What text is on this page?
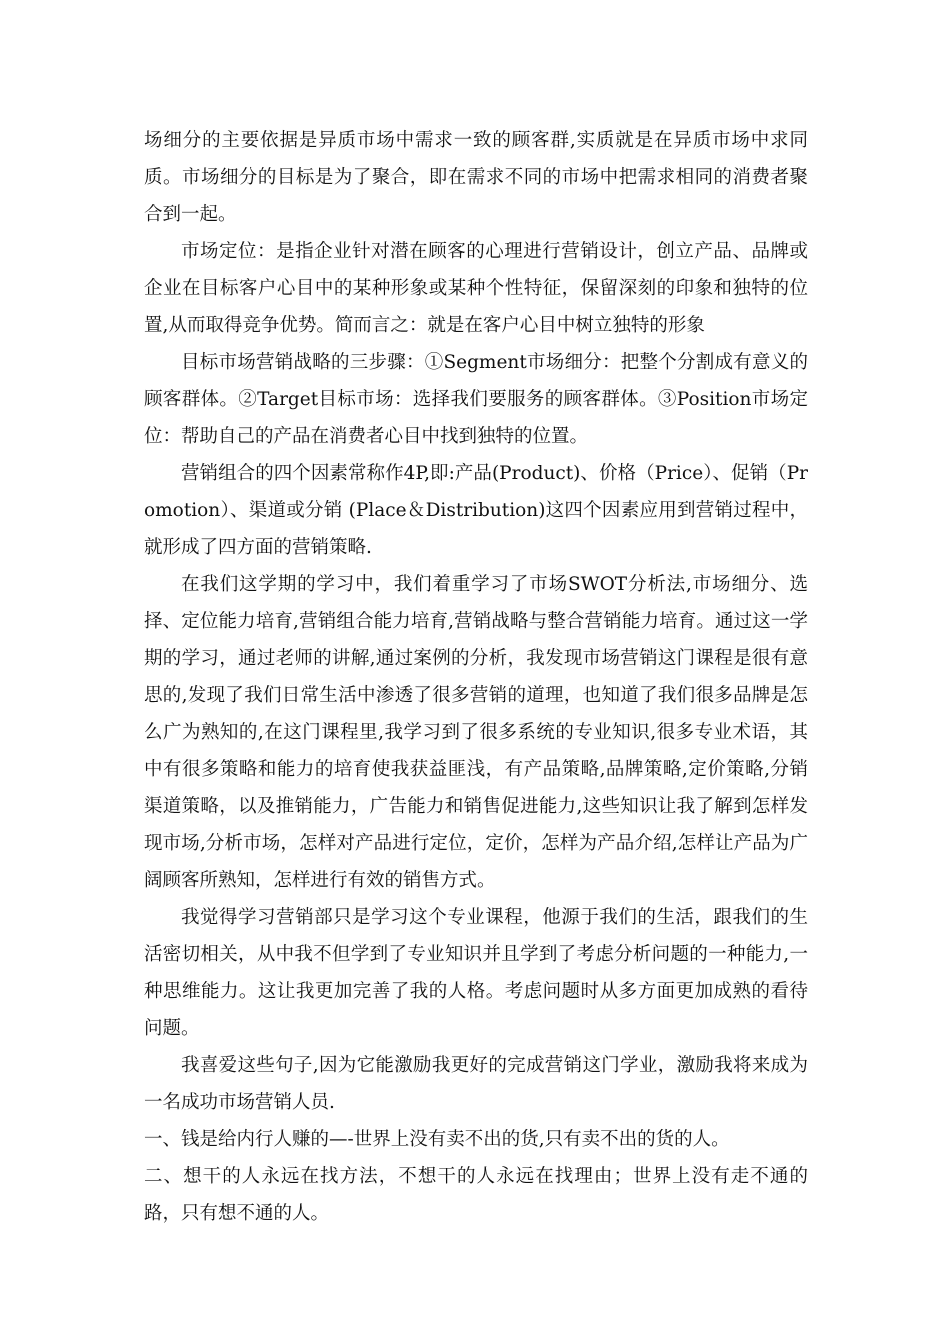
场细分的主要依据是异质市场中需求一致的顾客群,实质就是在异质市场中求同质。市场细分的目标是为了聚合，即在需求不同的市场中把需求相同的消费者聚合到一起。

市场定位：是指企业针对潜在顾客的心理进行营销设计，创立产品、品牌或企业在目标客户心目中的某种形象或某种个性特征，保留深刻的印象和独特的位置,从而取得竞争优势。简而言之：就是在客户心目中树立独特的形象

目标市场营销战略的三步骤：①Segment市场细分：把整个分割成有意义的顾客群体。②Target目标市场：选择我们要服务的顾客群体。③Position市场定位：帮助自己的产品在消费者心目中找到独特的位置。

营销组合的四个因素常称作4P,即:产品(Product)、价格（Price）、促销（Promotion）、渠道或分销 (Place＆Distribution)这四个因素应用到营销过程中，就形成了四方面的营销策略.

在我们这学期的学习中，我们着重学习了市场SWOT分析法,市场细分、选择、定位能力培育,营销组合能力培育,营销战略与整合营销能力培育。通过这一学期的学习，通过老师的讲解,通过案例的分析，我发现市场营销这门课程是很有意思的,发现了我们日常生活中渗透了很多营销的道理，也知道了我们很多品牌是怎么广为熟知的,在这门课程里,我学习到了很多系统的专业知识,很多专业术语，其中有很多策略和能力的培育使我获益匪浅，有产品策略,品牌策略,定价策略,分销渠道策略，以及推销能力，广告能力和销售促进能力,这些知识让我了解到怎样发现市场,分析市场，怎样对产品进行定位，定价，怎样为产品介绍,怎样让产品为广阔顾客所熟知，怎样进行有效的销售方式。

我觉得学习营销部只是学习这个专业课程，他源于我们的生活，跟我们的生活密切相关，从中我不但学到了专业知识并且学到了考虑分析问题的一种能力,一种思维能力。这让我更加完善了我的人格。考虑问题时从多方面更加成熟的看待问题。

我喜爱这些句子,因为它能激励我更好的完成营销这门学业，激励我将来成为一名成功市场营销人员.

一、钱是给内行人赚的—-世界上没有卖不出的货,只有卖不出的货的人。

二、想干的人永远在找方法，不想干的人永远在找理由；世界上没有走不通的路，只有想不通的人。
